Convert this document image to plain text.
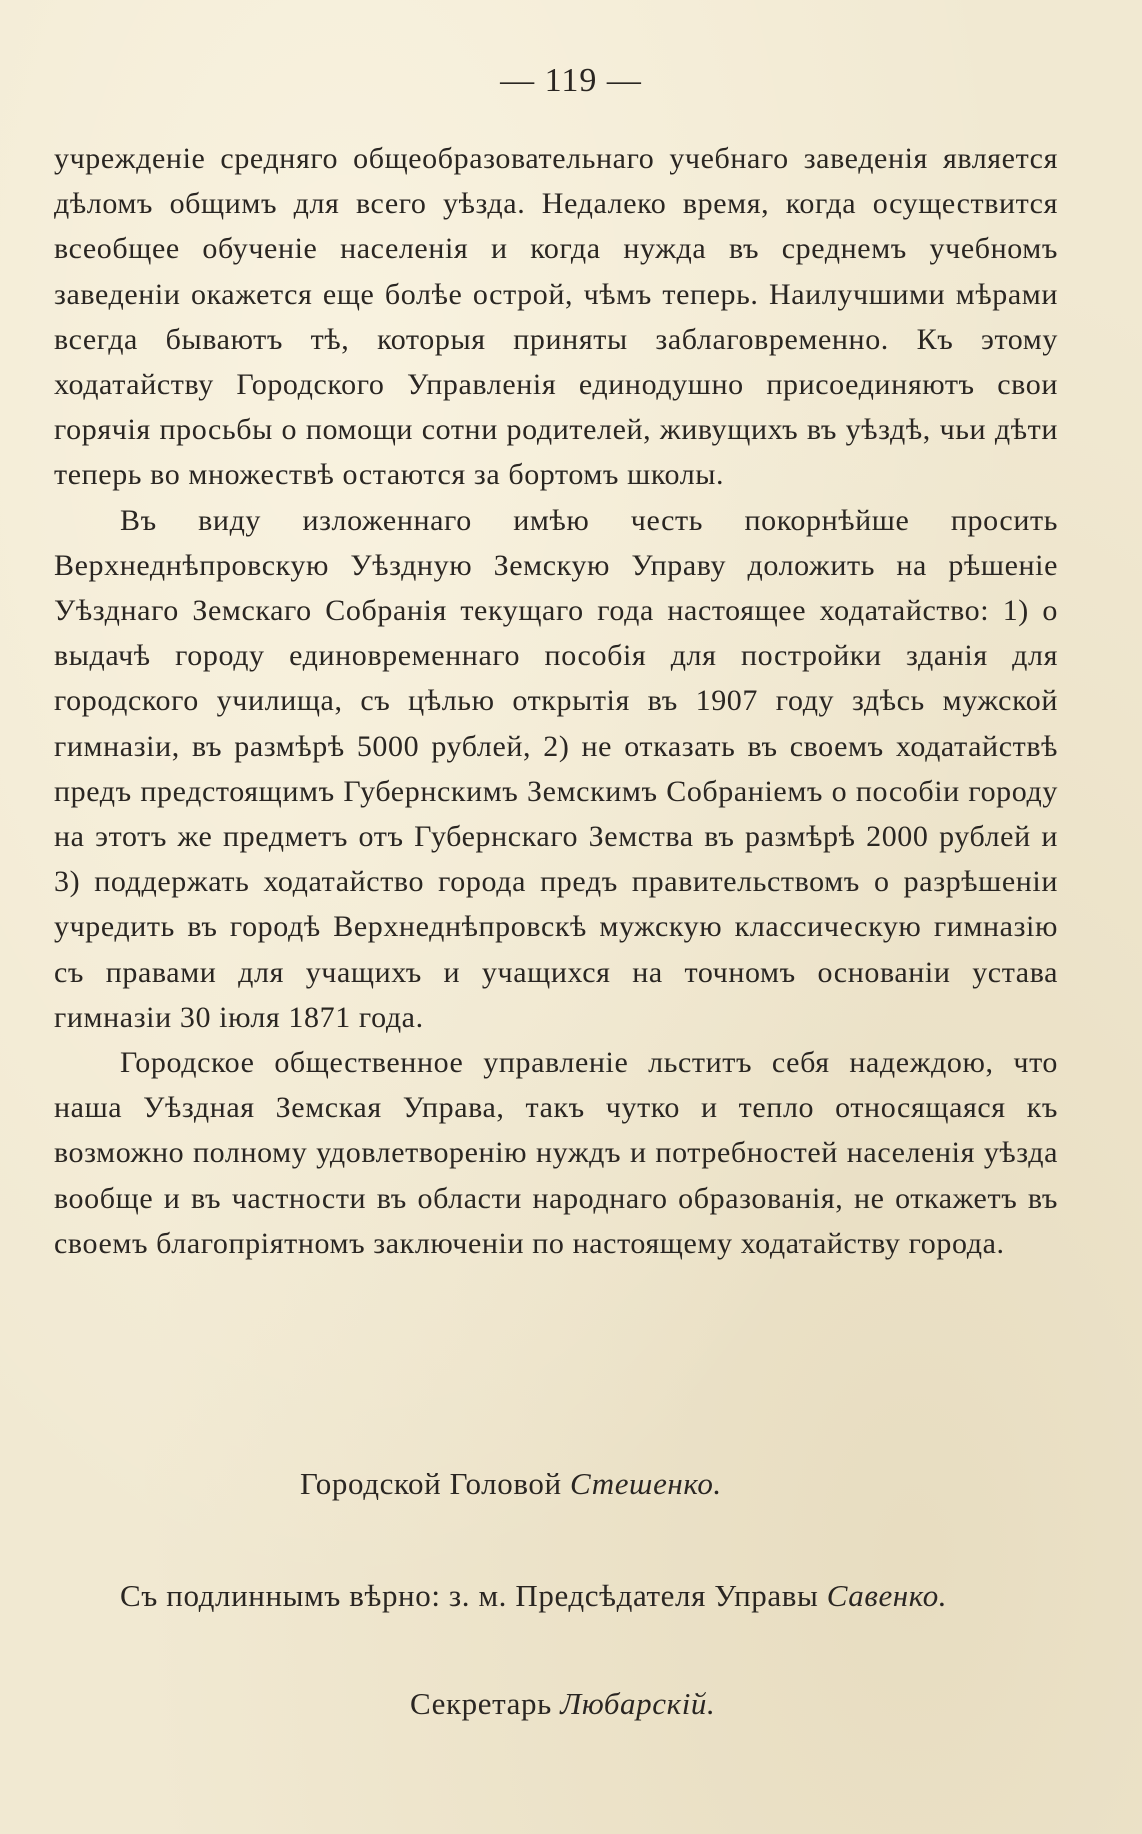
— 119 —

учрежденіе средняго общеобразовательнаго учебнаго заведенія является дѣломъ общимъ для всего уѣзда. Недалеко время, когда осуществится всеобщее обученіе населенія и когда нужда въ среднемъ учебномъ заведеніи окажется еще болѣе острой, чѣмъ теперь. Наилучшими мѣрами всегда бываютъ тѣ, которыя приняты заблаговременно. Къ этому ходатайству Городского Управленія единодушно присоединяютъ свои горячія просьбы о помощи сотни родителей, живущихъ въ уѣздѣ, чьи дѣти теперь во множествѣ остаются за бортомъ школы.

Въ виду изложеннаго имѣю честь покорнѣйше просить Верхнеднѣпровскую Уѣздную Земскую Управу доложить на рѣшеніе Уѣзднаго Земскаго Собранія текущаго года настоящее ходатайство: 1) о выдачѣ городу единовременнаго пособія для постройки зданія для городского училища, съ цѣлью открытія въ 1907 году здѣсь мужской гимназіи, въ размѣрѣ 5000 рублей, 2) не отказать въ своемъ ходатайствѣ предъ предстоящимъ Губернскимъ Земскимъ Собраніемъ о пособіи городу на этотъ же предметъ отъ Губернскаго Земства въ размѣрѣ 2000 рублей и 3) поддержать ходатайство города предъ правительствомъ о разрѣшеніи учредить въ городѣ Верхнеднѣпровскѣ мужскую классическую гимназію съ правами для учащихъ и учащихся на точномъ основаніи устава гимназіи 30 іюля 1871 года.

Городское общественное управленіе льститъ себя надеждою, что наша Уѣздная Земская Управа, такъ чутко и тепло относящаяся къ возможно полному удовлетворенію нуждъ и потребностей населенія уѣзда вообще и въ частности въ области народнаго образованія, не откажетъ въ своемъ благопріятномъ заключеніи по настоящему ходатайству города.

Городской Головой Стешенко.
Съ подлиннымъ вѣрно: з. м. Предсѣдателя Управы Савенко.
Секретарь Любарскій.
